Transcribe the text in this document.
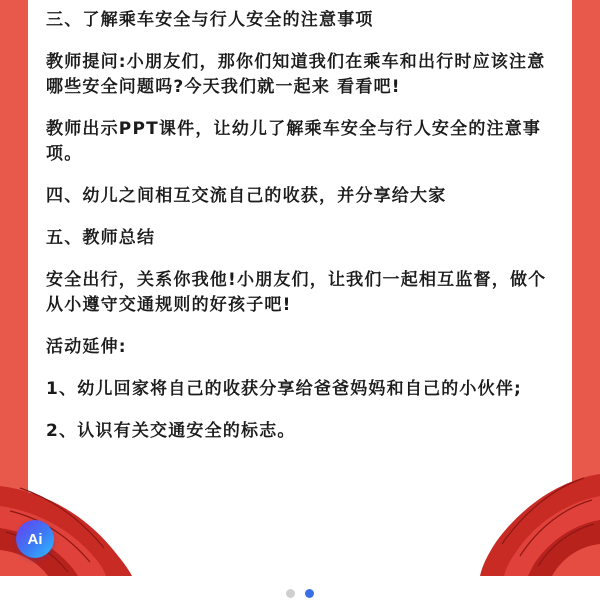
三、了解乘车安全与行人安全的注意事项

教师提问:小朋友们，那你们知道我们在乘车和出行时应该注意哪些安全问题吗?今天我们就一起来 看看吧!

教师出示PPT课件，让幼儿了解乘车安全与行人安全的注意事项。

四、幼儿之间相互交流自己的收获，并分享给大家

五、教师总结

安全出行，关系你我他!小朋友们，让我们一起相互监督，做个从小遵守交通规则的好孩子吧!

活动延伸:

1、幼儿回家将自己的收获分享给爸爸妈妈和自己的小伙伴;

2、认识有关交通安全的标志。

Ai
